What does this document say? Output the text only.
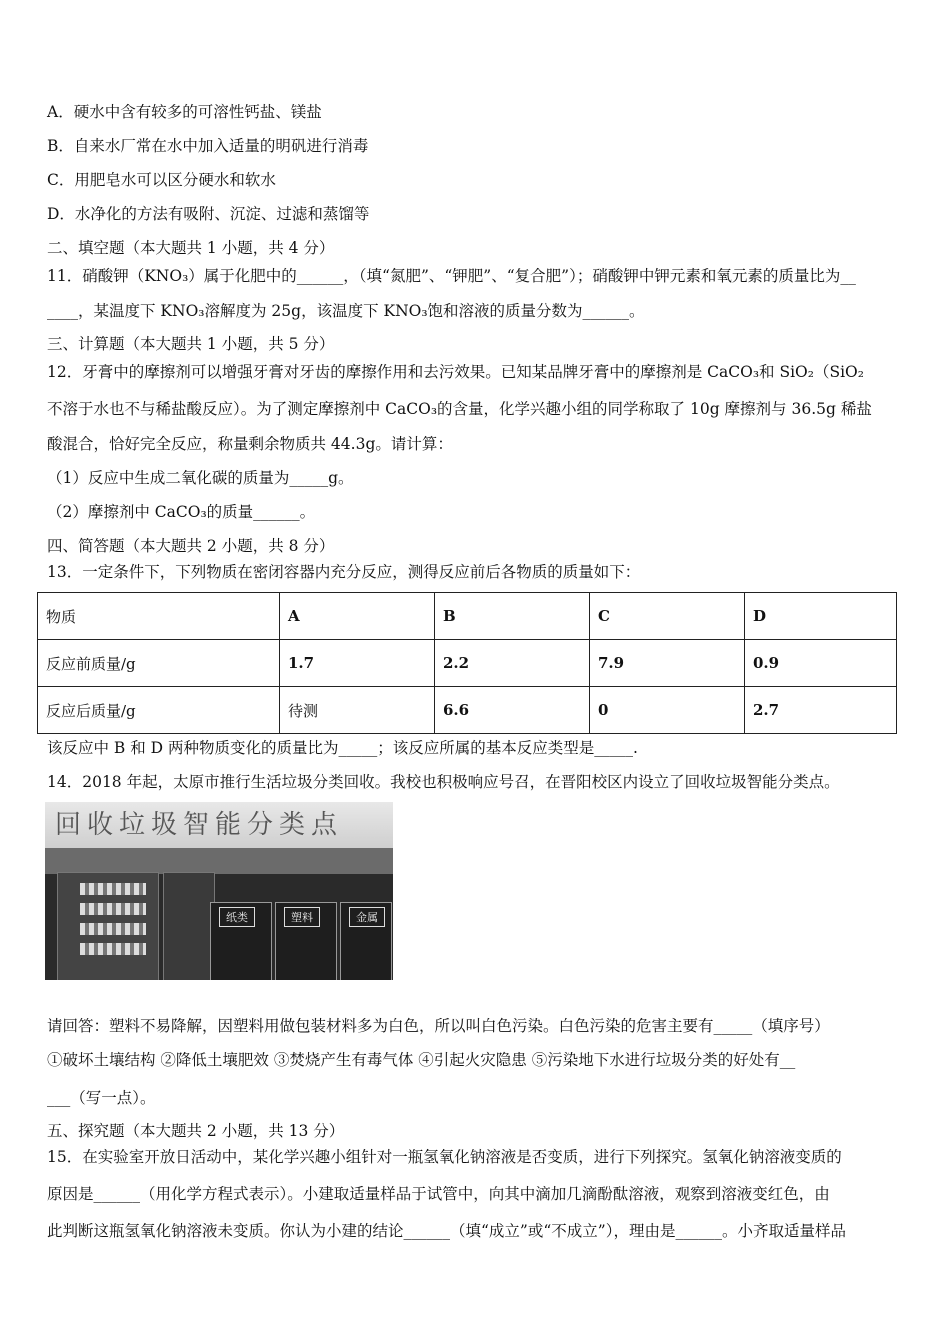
A．硬水中含有较多的可溶性钙盐、镁盐
B．自来水厂常在水中加入适量的明矾进行消毒
C．用肥皂水可以区分硬水和软水
D．水净化的方法有吸附、沉淀、过滤和蒸馏等
二、填空题（本大题共 1 小题，共 4 分）
11．硝酸钾（KNO₃）属于化肥中的______，（填“氮肥”、“钾肥”、“复合肥”）；硝酸钾中钾元素和氧元素的质量比为__
____，某温度下 KNO₃溶解度为 25g，该温度下 KNO₃饱和溶液的质量分数为______。
三、计算题（本大题共 1 小题，共 5 分）
12．牙膏中的摩擦剂可以增强牙膏对牙齿的摩擦作用和去污效果。已知某品牌牙膏中的摩擦剂是 CaCO₃和 SiO₂（SiO₂
不溶于水也不与稀盐酸反应）。为了测定摩擦剂中 CaCO₃的含量，化学兴趣小组的同学称取了 10g 摩擦剂与 36.5g 稀盐
酸混合，恰好完全反应，称量剩余物质共 44.3g。请计算：
（1）反应中生成二氧化碳的质量为_____g。
（2）摩擦剂中 CaCO₃的质量______。
四、简答题（本大题共 2 小题，共 8 分）
13．一定条件下，下列物质在密闭容器内充分反应，测得反应前后各物质的质量如下：
物质	A	B	C	D
反应前质量/g	1.7	2.2	7.9	0.9
反应后质量/g	待测	6.6	0	2.7
该反应中 B 和 D 两种物质变化的质量比为_____；该反应所属的基本反应类型是_____.
14．2018 年起，太原市推行生活垃圾分类回收。我校也积极响应号召，在晋阳校区内设立了回收垃圾智能分类点。
回收垃圾智能分类点
纸类	塑料	金属
请回答：塑料不易降解，因塑料用做包装材料多为白色，所以叫白色污染。白色污染的危害主要有_____（填序号）
①破坏土壤结构 ②降低土壤肥效 ③焚烧产生有毒气体 ④引起火灾隐患 ⑤污染地下水进行垃圾分类的好处有__
___（写一点）。
五、探究题（本大题共 2 小题，共 13 分）
15．在实验室开放日活动中，某化学兴趣小组针对一瓶氢氧化钠溶液是否变质，进行下列探究。氢氧化钠溶液变质的
原因是______（用化学方程式表示）。小建取适量样品于试管中，向其中滴加几滴酚酞溶液，观察到溶液变红色，由
此判断这瓶氢氧化钠溶液未变质。你认为小建的结论______（填“成立”或“不成立”），理由是______。小齐取适量样品
